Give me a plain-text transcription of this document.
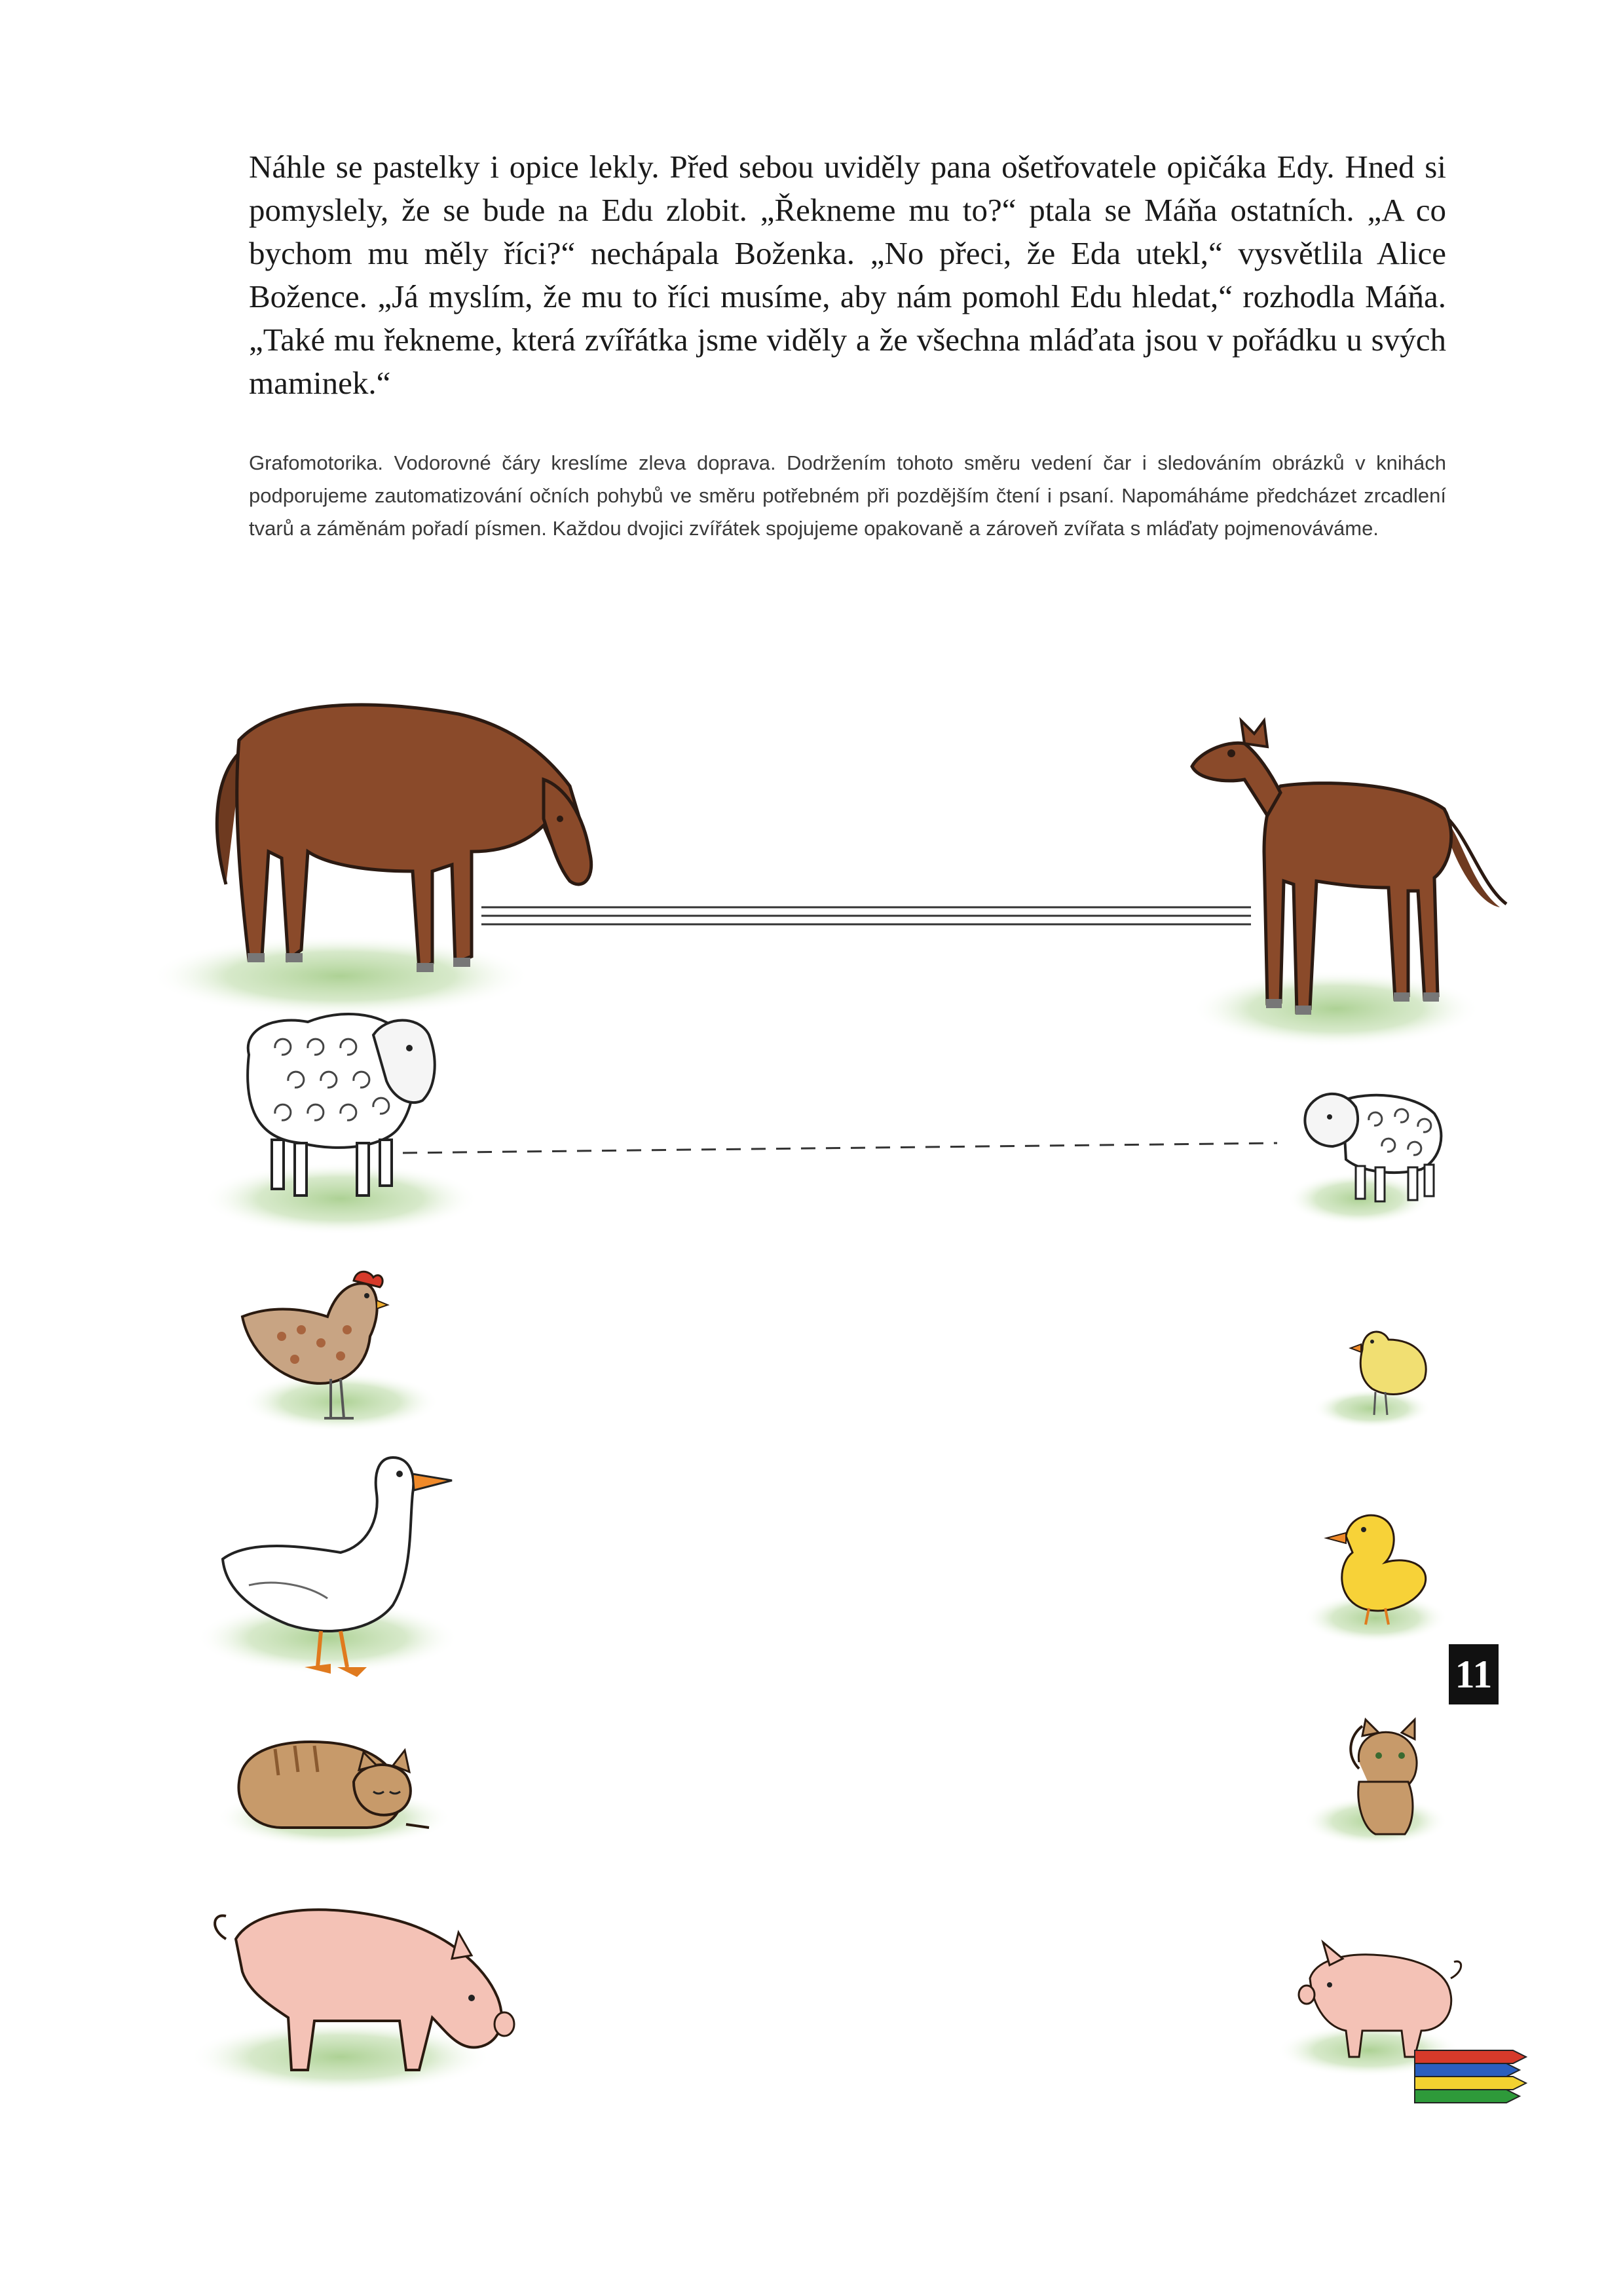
Náhle se pastelky i opice lekly. Před sebou uviděly pana ošetřovatele opičáka Edy. Hned si pomyslely, že se bude na Edu zlobit. „Řekneme mu to?“ ptala se Máňa ostatních. „A co bychom mu měly říci?“ nechápala Boženka. „No přeci, že Eda utekl,“ vysvětlila Alice Božence. „Já myslím, že mu to říci musíme, aby nám pomohl Edu hledat,“ rozhodla Máňa. „Také mu řekneme, která zvířátka jsme viděly a že všechna mláďata jsou v pořádku u svých maminek.“

Grafomotorika. Vodorovné čáry kreslíme zleva doprava. Dodržením tohoto směru vedení čar i sledováním obrázků v knihách podporujeme zautomatizování očních pohybů ve směru potřebném při pozdějším čtení i psaní. Napomáháme předcházet zrcadlení tvarů a záměnám pořadí písmen. Každou dvojici zvířátek spojujeme opakovaně a zároveň zvířata s mláďaty pojmenováváme.

11
